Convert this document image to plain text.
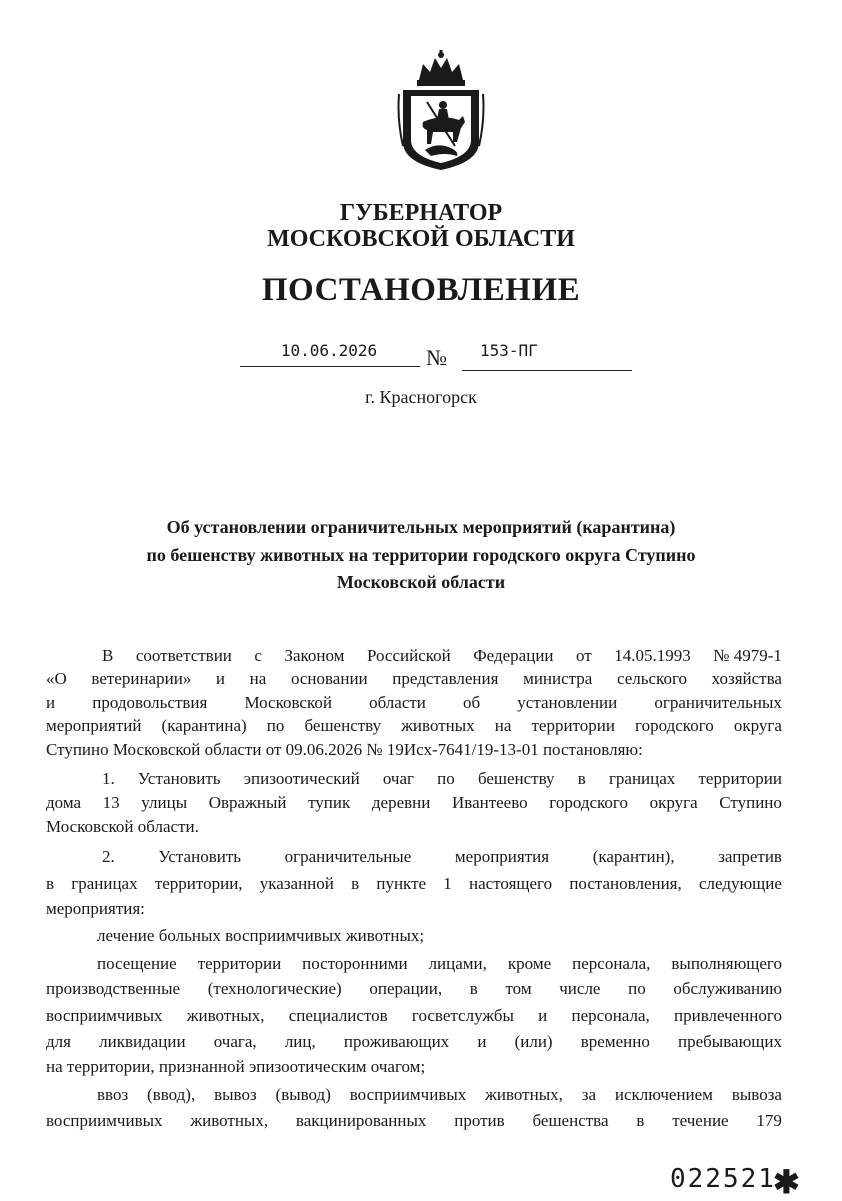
ГУБЕРНАТОР
МОСКОВСКОЙ ОБЛАСТИ
ПОСТАНОВЛЕНИЕ
10.06.2026	№	153-ПГ
г. Красногорск
Об установлении ограничительных мероприятий (карантина)
по бешенству животных на территории городского округа Ступино
Московской области
В соответствии с Законом Российской Федерации от 14.05.1993 № 4979-1
«О ветеринарии» и на основании представления министра сельского хозяйства
и продовольствия Московской области об установлении ограничительных
мероприятий (карантина) по бешенству животных на территории городского округа
Ступино Московской области от 09.06.2026 № 19Исх-7641/19-13-01 постановляю:
1. Установить эпизоотический очаг по бешенству в границах территории
дома 13 улицы Овражный тупик деревни Ивантеево городского округа Ступино
Московской области.
2.	Установить	ограничительные	мероприятия	(карантин),	запретив
в границах территории, указанной в пункте 1 настоящего постановления, следующие
мероприятия:
лечение больных восприимчивых животных;
посещение территории посторонними лицами, кроме персонала, выполняющего
производственные (технологические) операции, в том числе по обслуживанию
восприимчивых животных, специалистов госветслужбы и персонала, привлеченного
для ликвидации очага, лиц, проживающих и (или) временно пребывающих
на территории, признанной эпизоотическим очагом;
ввоз (ввод), вывоз (вывод) восприимчивых животных, за исключением вывоза
восприимчивых животных, вакцинированных против бешенства в течение 179
022521
✱
